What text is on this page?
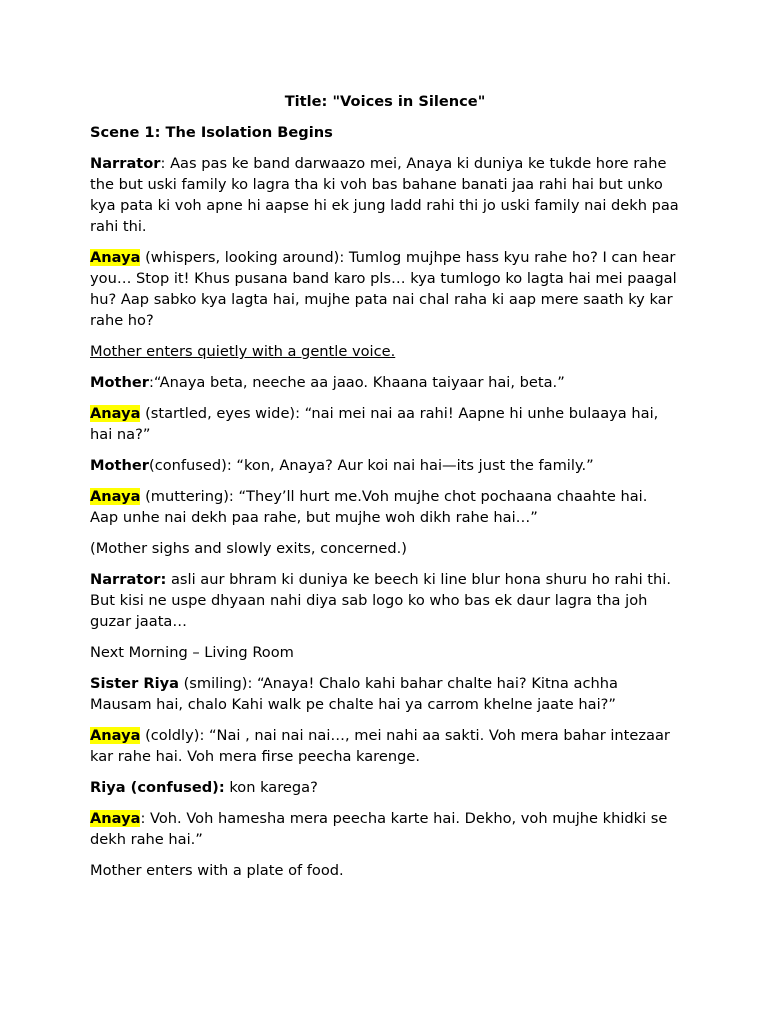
Title: "Voices in Silence"

Scene 1: The Isolation Begins

Narrator: Aas pas ke band darwaazo mei, Anaya ki duniya ke tukde hore rahe the but uski family ko lagra tha ki voh bas bahane banati jaa rahi hai but unko kya pata ki voh apne hi aapse hi ek jung ladd rahi thi jo uski family nai dekh paa rahi thi.

Anaya (whispers, looking around): Tumlog mujhpe hass kyu rahe ho? I can hear you… Stop it! Khus pusana band karo pls… kya tumlogo ko lagta hai mei paagal hu? Aap sabko kya lagta hai, mujhe pata nai chal raha ki aap mere saath ky kar rahe ho?

Mother enters quietly with a gentle voice.

Mother:“Anaya beta, neeche aa jaao. Khaana taiyaar hai, beta.”

Anaya (startled, eyes wide): “nai mei nai aa rahi! Aapne hi unhe bulaaya hai, hai na?”

Mother(confused): “kon, Anaya? Aur koi nai hai—its just the family.”

Anaya (muttering): “They’ll hurt me.Voh mujhe chot pochaana chaahte hai. Aap unhe nai dekh paa rahe, but mujhe woh dikh rahe hai…”

(Mother sighs and slowly exits, concerned.)

Narrator: asli aur bhram ki duniya ke beech ki line blur hona shuru ho rahi thi. But kisi ne uspe dhyaan nahi diya sab logo ko who bas ek daur lagra tha joh guzar jaata…

Next Morning – Living Room

Sister Riya (smiling): “Anaya! Chalo kahi bahar chalte hai? Kitna achha Mausam hai, chalo Kahi walk pe chalte hai ya carrom khelne jaate hai?”

Anaya (coldly): “Nai , nai nai nai…, mei nahi aa sakti. Voh mera bahar intezaar kar rahe hai. Voh mera firse peecha karenge.

Riya (confused): kon karega?

Anaya: Voh. Voh hamesha mera peecha karte hai. Dekho, voh mujhe khidki se dekh rahe hai.”

Mother enters with a plate of food.
